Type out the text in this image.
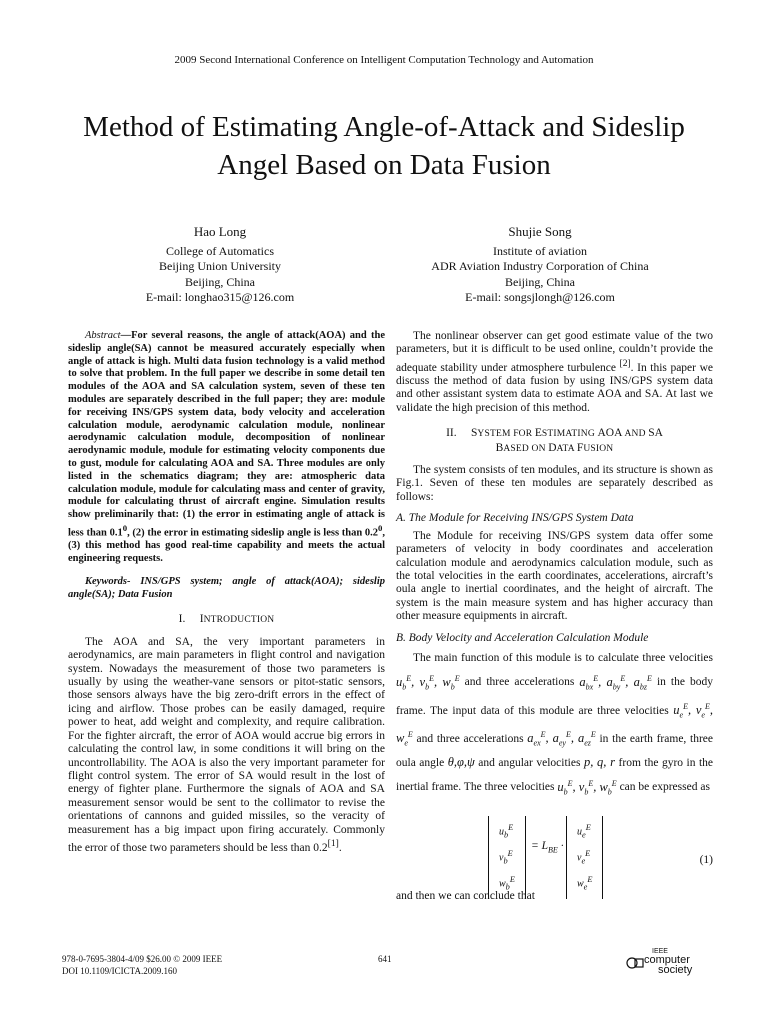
2009 Second International Conference on Intelligent Computation Technology and Automation
Method of Estimating Angle-of-Attack and Sideslip
Angel Based on Data Fusion
Hao Long
College of Automatics
Beijing Union University
Beijing, China
E-mail: longhao315@126.com
Shujie Song
Institute of aviation
ADR Aviation Industry Corporation of China
Beijing, China
E-mail: songsjlongh@126.com

Abstract—For several reasons, the angle of attack(AOA) and the sideslip angle(SA) cannot be measured accurately especially when angle of attack is high. Multi data fusion technology is a valid method to solve that problem. In the full paper we describe in some detail ten modules of the AOA and SA calculation system, seven of these ten modules are separately described in the full paper; they are: module for receiving INS/GPS system data, body velocity and acceleration calculation module, aerodynamic calculation module, nonlinear aerodynamic calculation module, decomposition of nonlinear aerodynamic module, module for estimating velocity components due to gust, module for calculating AOA and SA. Three modules are only listed in the schematics diagram; they are: atmospheric data calculation module, module for calculating mass and center of gravity, module for calculating thrust of aircraft engine. Simulation results show preliminarily that: (1) the error in estimating angle of attack is less than $0.1^0$, (2) the error in estimating sideslip angle is less than $0.2^0,(3)$ this method has good real-time capability and meets the actual engineering requests.

Keywords- INS/GPS system; angle of attack(AOA); sideslip angle(SA); Data Fusion

I. INTRODUCTION

The AOA and SA, the very important parameters in aerodynamics, are main parameters in flight control and navigation system. Nowadays the measurement of those two parameters is usually by using the weather-vane sensors or pitot-static sensors, those sensors always have the big zero-drift errors in the effect of icing and airflow. Those probes can be easily damaged, require power to heat, add weight and complexity, and require calibration. For the fighter aircraft, the error of AOA would accrue big errors in calculating the control law, in some conditions it will bring on the uncontrollability. The AOA is also the very important parameter for flight control system. The error of SA would result in the lost of energy of fighter plane. Furthermore the signals of AOA and SA measurement sensor would be sent to the collimator to revise the orientations of cannons and guided missiles, so the veracity of measurement has a big impact upon firing accurately. Commonly the error of those two parameters should be less than 0.2[1].

The nonlinear observer can get good estimate value of the two parameters, but it is difficult to be used online, couldn’t provide the adequate stability under atmosphere turbulence [2]. In this paper we discuss the method of data fusion by using INS/GPS system data and other assistant system data to estimate AOA and SA. At last we validate the high precision of this method.

II. SYSTEM FOR ESTIMATING AOA AND SA
BASED ON DATA FUSION

The system consists of ten modules, and its structure is shown as Fig.1. Seven of these ten modules are separately described as follows:

A. The Module for Receiving INS/GPS System Data

The Module for receiving INS/GPS system data offer some parameters of velocity in body coordinates and acceleration calculation module and aerodynamics calculation module, such as the total velocities in the earth coordinates, accelerations, aircraft’s oula angle to inertial coordinates, and the height of aircraft. The system is the main measure system and has higher accuracy than other measure equipments in aircraft.

B. Body Velocity and Acceleration Calculation Module

The main function of this module is to calculate three velocities $u_b^E$, $v_b^E$, $w_b^E$ and three accelerations $a_{bx}^E$, $a_{by}^E$, $a_{bz}^E$ in the body frame. The input data of this module are three velocities $u_e^E$, $v_e^E$, $w_e^E$ and three accelerations $a_{ex}^E$, $a_{ey}^E$, $a_{ez}^E$ in the earth frame, three oula angle θ,φ,ψ and angular velocities p, q, r from the gyro in the inertial frame. The three velocities $u_b^E$, $v_b^E$, $w_b^E$ can be expressed as

$u_b^E$
$v_b^E$
$w_b^E$
= $L_{BE}$ ·
$u_e^E$
$v_e^E$
$w_e^E$
(1)

and then we can conclude that

978-0-7695-3804-4/09 $26.00 © 2009 IEEE
DOI 10.1109/ICICTA.2009.160
641
IEEE
computer
society
